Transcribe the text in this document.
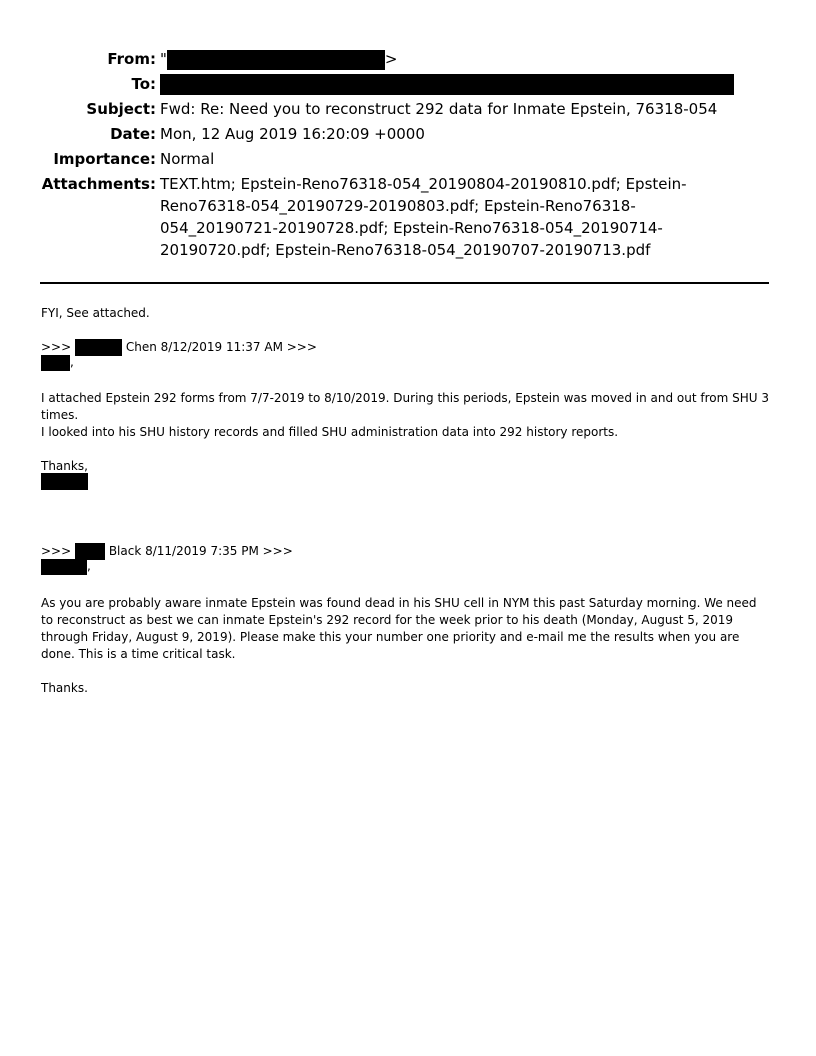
From: "	>
To:
Subject: Fwd: Re: Need you to reconstruct 292 data for Inmate Epstein, 76318-054
Date: Mon, 12 Aug 2019 16:20:09 +0000
Importance: Normal
Attachments: TEXT.htm; Epstein-Reno76318-054_20190804-20190810.pdf; Epstein-Reno76318-054_20190729-20190803.pdf; Epstein-Reno76318-054_20190721-20190728.pdf; Epstein-Reno76318-054_20190714-20190720.pdf; Epstein-Reno76318-054_20190707-20190713.pdf

FYI, See attached.

>>>	Chen 8/12/2019 11:37 AM >>>

,

I attached Epstein 292 forms from 7/7-2019 to 8/10/2019. During this periods, Epstein was moved in and out from SHU 3 times.

I looked into his SHU history records and filled SHU administration data into 292 history reports.

Thanks,

>>>	Black 8/11/2019 7:35 PM >>>

,

As you are probably aware inmate Epstein was found dead in his SHU cell in NYM this past Saturday morning. We need to reconstruct as best we can inmate Epstein's 292 record for the week prior to his death (Monday, August 5, 2019 through Friday, August 9, 2019). Please make this your number one priority and e-mail me the results when you are done. This is a time critical task.

Thanks.
